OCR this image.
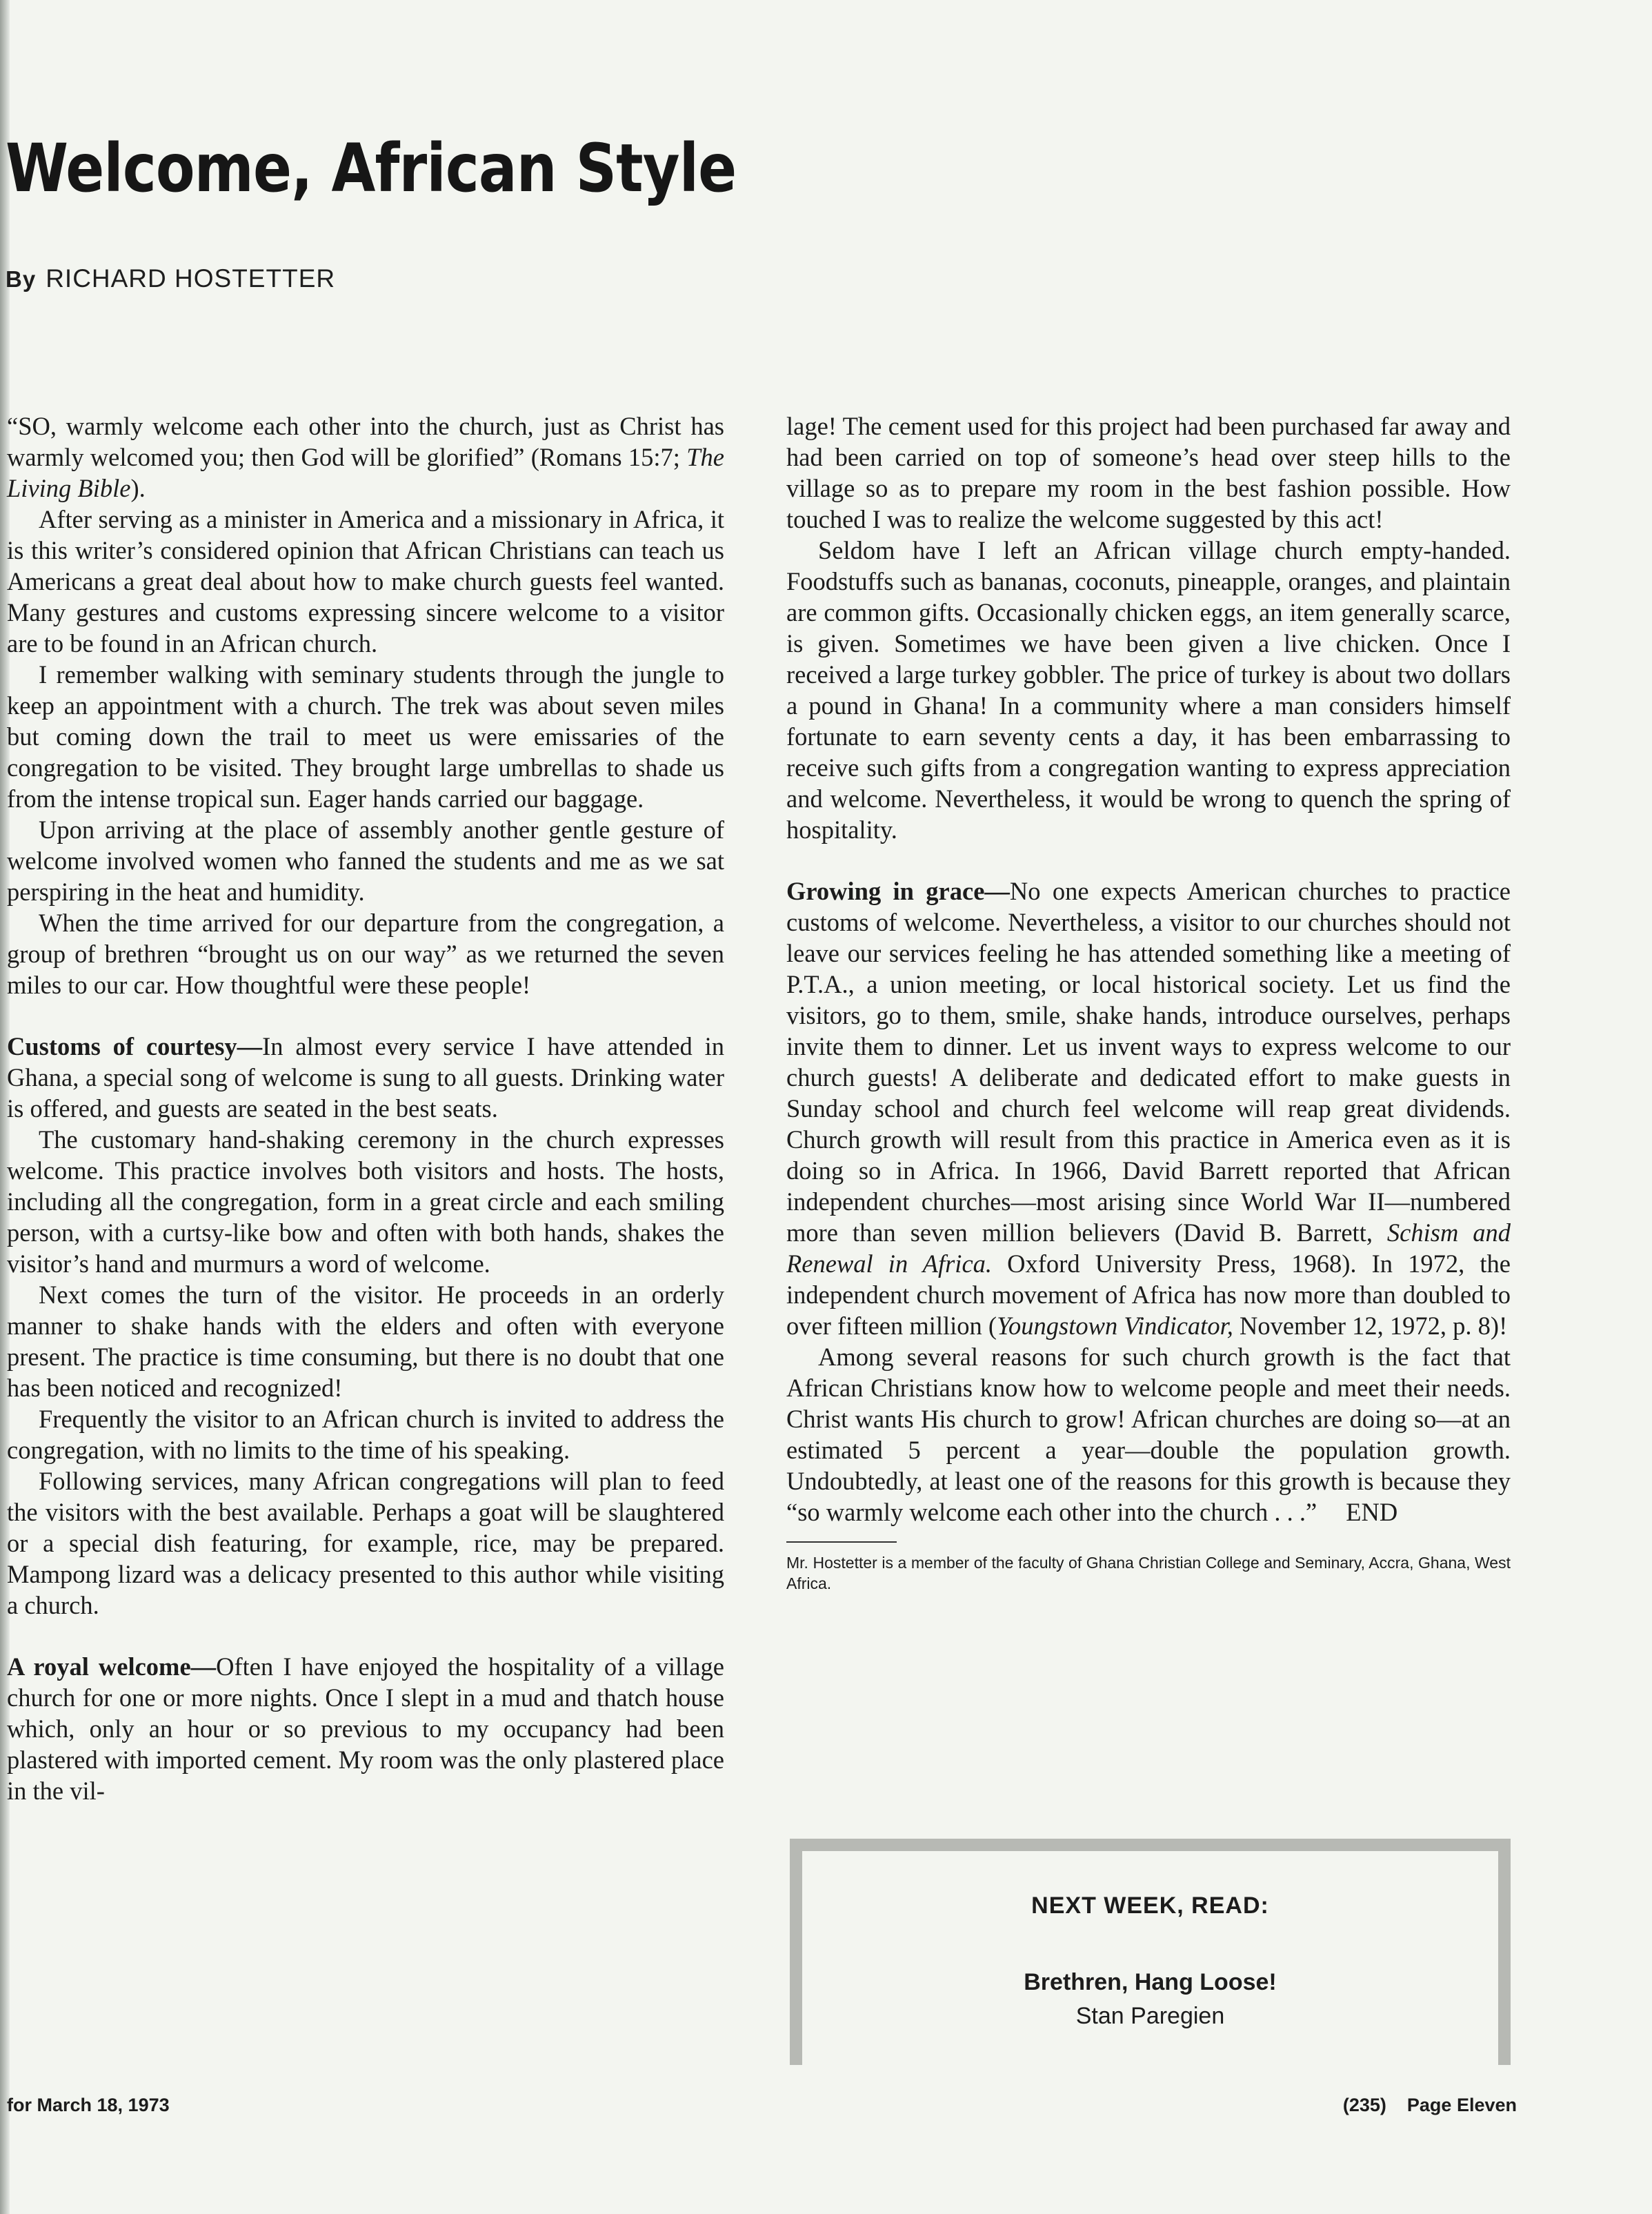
Welcome, African Style
By RICHARD HOSTETTER

“SO, warmly welcome each other into the church, just as Christ has warmly welcomed you; then God will be glorified” (Romans 15:7; The Living Bible).

After serving as a minister in America and a missionary in Africa, it is this writer’s considered opinion that African Christians can teach us Americans a great deal about how to make church guests feel wanted. Many gestures and customs expressing sincere welcome to a visitor are to be found in an African church.

I remember walking with seminary students through the jungle to keep an appointment with a church. The trek was about seven miles but coming down the trail to meet us were emissaries of the congregation to be visited. They brought large umbrellas to shade us from the intense tropical sun. Eager hands carried our baggage.

Upon arriving at the place of assembly another gentle gesture of welcome involved women who fanned the students and me as we sat perspiring in the heat and humidity.

When the time arrived for our departure from the congregation, a group of brethren “brought us on our way” as we returned the seven miles to our car. How thoughtful were these people!

Customs of courtesy—In almost every service I have attended in Ghana, a special song of welcome is sung to all guests. Drinking water is offered, and guests are seated in the best seats.

The customary hand-shaking ceremony in the church expresses welcome. This practice involves both visitors and hosts. The hosts, including all the congregation, form in a great circle and each smiling person, with a curtsy-like bow and often with both hands, shakes the visitor’s hand and murmurs a word of welcome.

Next comes the turn of the visitor. He proceeds in an orderly manner to shake hands with the elders and often with everyone present. The practice is time consuming, but there is no doubt that one has been noticed and recognized!

Frequently the visitor to an African church is invited to address the congregation, with no limits to the time of his speaking.

Following services, many African congregations will plan to feed the visitors with the best available. Perhaps a goat will be slaughtered or a special dish featuring, for example, rice, may be prepared. Mampong lizard was a delicacy presented to this author while visiting a church.

A royal welcome—Often I have enjoyed the hospitality of a village church for one or more nights. Once I slept in a mud and thatch house which, only an hour or so previous to my occupancy had been plastered with imported cement. My room was the only plastered place in the vil-

lage! The cement used for this project had been purchased far away and had been carried on top of someone’s head over steep hills to the village so as to prepare my room in the best fashion possible. How touched I was to realize the welcome suggested by this act!

Seldom have I left an African village church empty-handed. Foodstuffs such as bananas, coconuts, pineapple, oranges, and plaintain are common gifts. Occasionally chicken eggs, an item generally scarce, is given. Sometimes we have been given a live chicken. Once I received a large turkey gobbler. The price of turkey is about two dollars a pound in Ghana! In a community where a man considers himself fortunate to earn seventy cents a day, it has been embarrassing to receive such gifts from a congregation wanting to express appreciation and welcome. Nevertheless, it would be wrong to quench the spring of hospitality.

Growing in grace—No one expects American churches to practice customs of welcome. Nevertheless, a visitor to our churches should not leave our services feeling he has attended something like a meeting of P.T.A., a union meeting, or local historical society. Let us find the visitors, go to them, smile, shake hands, introduce ourselves, perhaps invite them to dinner. Let us invent ways to express welcome to our church guests! A deliberate and dedicated effort to make guests in Sunday school and church feel welcome will reap great dividends. Church growth will result from this practice in America even as it is doing so in Africa. In 1966, David Barrett reported that African independent churches—most arising since World War II—numbered more than seven million believers (David B. Barrett, Schism and Renewal in Africa. Oxford University Press, 1968). In 1972, the independent church movement of Africa has now more than doubled to over fifteen million (Youngstown Vindicator, November 12, 1972, p. 8)!

Among several reasons for such church growth is the fact that African Christians know how to welcome people and meet their needs. Christ wants His church to grow! African churches are doing so—at an estimated 5 percent a year—double the population growth. Undoubtedly, at least one of the reasons for this growth is because they “so warmly welcome each other into the church . . .” END

Mr. Hostetter is a member of the faculty of Ghana Christian College and Seminary, Accra, Ghana, West Africa.
NEXT WEEK, READ:
Brethren, Hang Loose!
Stan Paregien
for March 18, 1973	(235) Page Eleven
